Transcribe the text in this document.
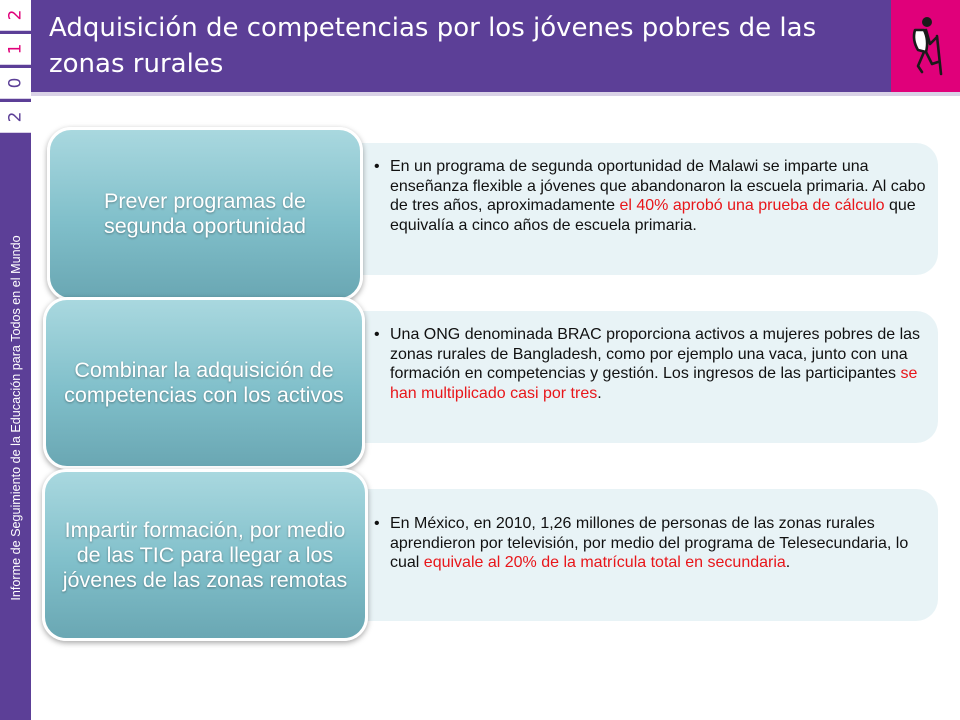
2
1
0
2
Informe de Seguimiento de la Educación para Todos en el Mundo
Adquisición de competencias por los jóvenes pobres de las zonas rurales
• En un programa de segunda oportunidad de Malawi se imparte una enseñanza flexible a jóvenes que abandonaron la escuela primaria. Al cabo de tres años, aproximadamente el 40% aprobó una prueba de cálculo que equivalía a cinco años de escuela primaria.
Prever programas de segunda oportunidad
• Una ONG denominada BRAC proporciona activos a mujeres pobres de las zonas rurales de Bangladesh, como por ejemplo una vaca, junto con una formación en competencias y gestión. Los ingresos de las participantes se han multiplicado casi por tres.
Combinar la adquisición de competencias con los activos
• En México, en 2010, 1,26 millones de personas de las zonas rurales aprendieron por televisión, por medio del programa de Telesecundaria, lo cual equivale al 20% de la matrícula total en secundaria.
Impartir formación, por medio de las TIC para llegar a los jóvenes de las zonas remotas
